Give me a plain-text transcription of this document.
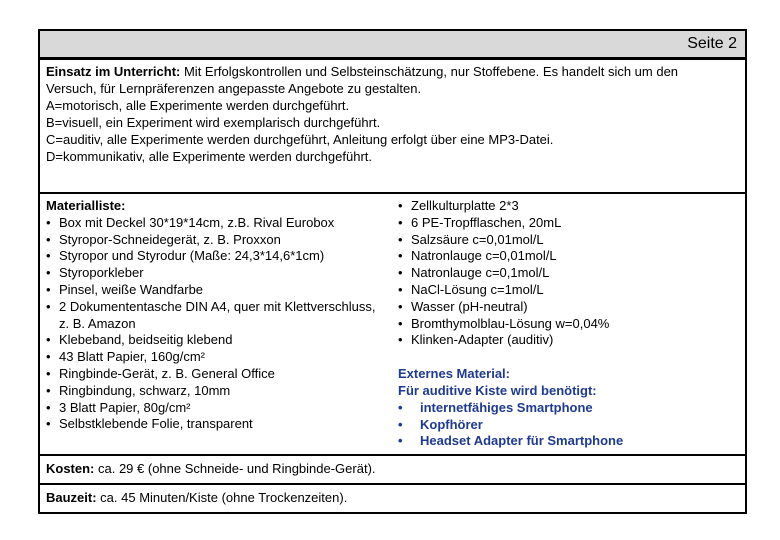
Seite 2
Einsatz im Unterricht: Mit Erfolgskontrollen und Selbsteinschätzung, nur Stoffebene. Es handelt sich um den
Versuch, für Lernpräferenzen angepasste Angebote zu gestalten.
A=motorisch, alle Experimente werden durchgeführt.
B=visuell, ein Experiment wird exemplarisch durchgeführt.
C=auditiv, alle Experimente werden durchgeführt, Anleitung erfolgt über eine MP3-Datei.
D=kommunikativ, alle Experimente werden durchgeführt.
Materialliste:
• Box mit Deckel 30*19*14cm, z.B. Rival Eurobox
• Styropor-Schneidegerät, z. B. Proxxon
• Styropor und Styrodur (Maße: 24,3*14,6*1cm)
• Styroporkleber
• Pinsel, weiße Wandfarbe
• 2 Dokumententasche DIN A4, quer mit Klettverschluss, z. B. Amazon
• Klebeband, beidseitig klebend
• 43 Blatt Papier, 160g/cm²
• Ringbinde-Gerät, z. B. General Office
• Ringbindung, schwarz, 10mm
• 3 Blatt Papier, 80g/cm²
• Selbstklebende Folie, transparent
• Zellkulturplatte 2*3
• 6 PE-Tropfflaschen, 20mL
• Salzsäure c=0,01mol/L
• Natronlauge c=0,01mol/L
• Natronlauge c=0,1mol/L
• NaCl-Lösung c=1mol/L
• Wasser (pH-neutral)
• Bromthymolblau-Lösung w=0,04%
• Klinken-Adapter (auditiv)
Externes Material:
Für auditive Kiste wird benötigt:
• internetfähiges Smartphone
• Kopfhörer
• Headset Adapter für Smartphone
Kosten: ca. 29 € (ohne Schneide- und Ringbinde-Gerät).
Bauzeit: ca. 45 Minuten/Kiste (ohne Trockenzeiten).
